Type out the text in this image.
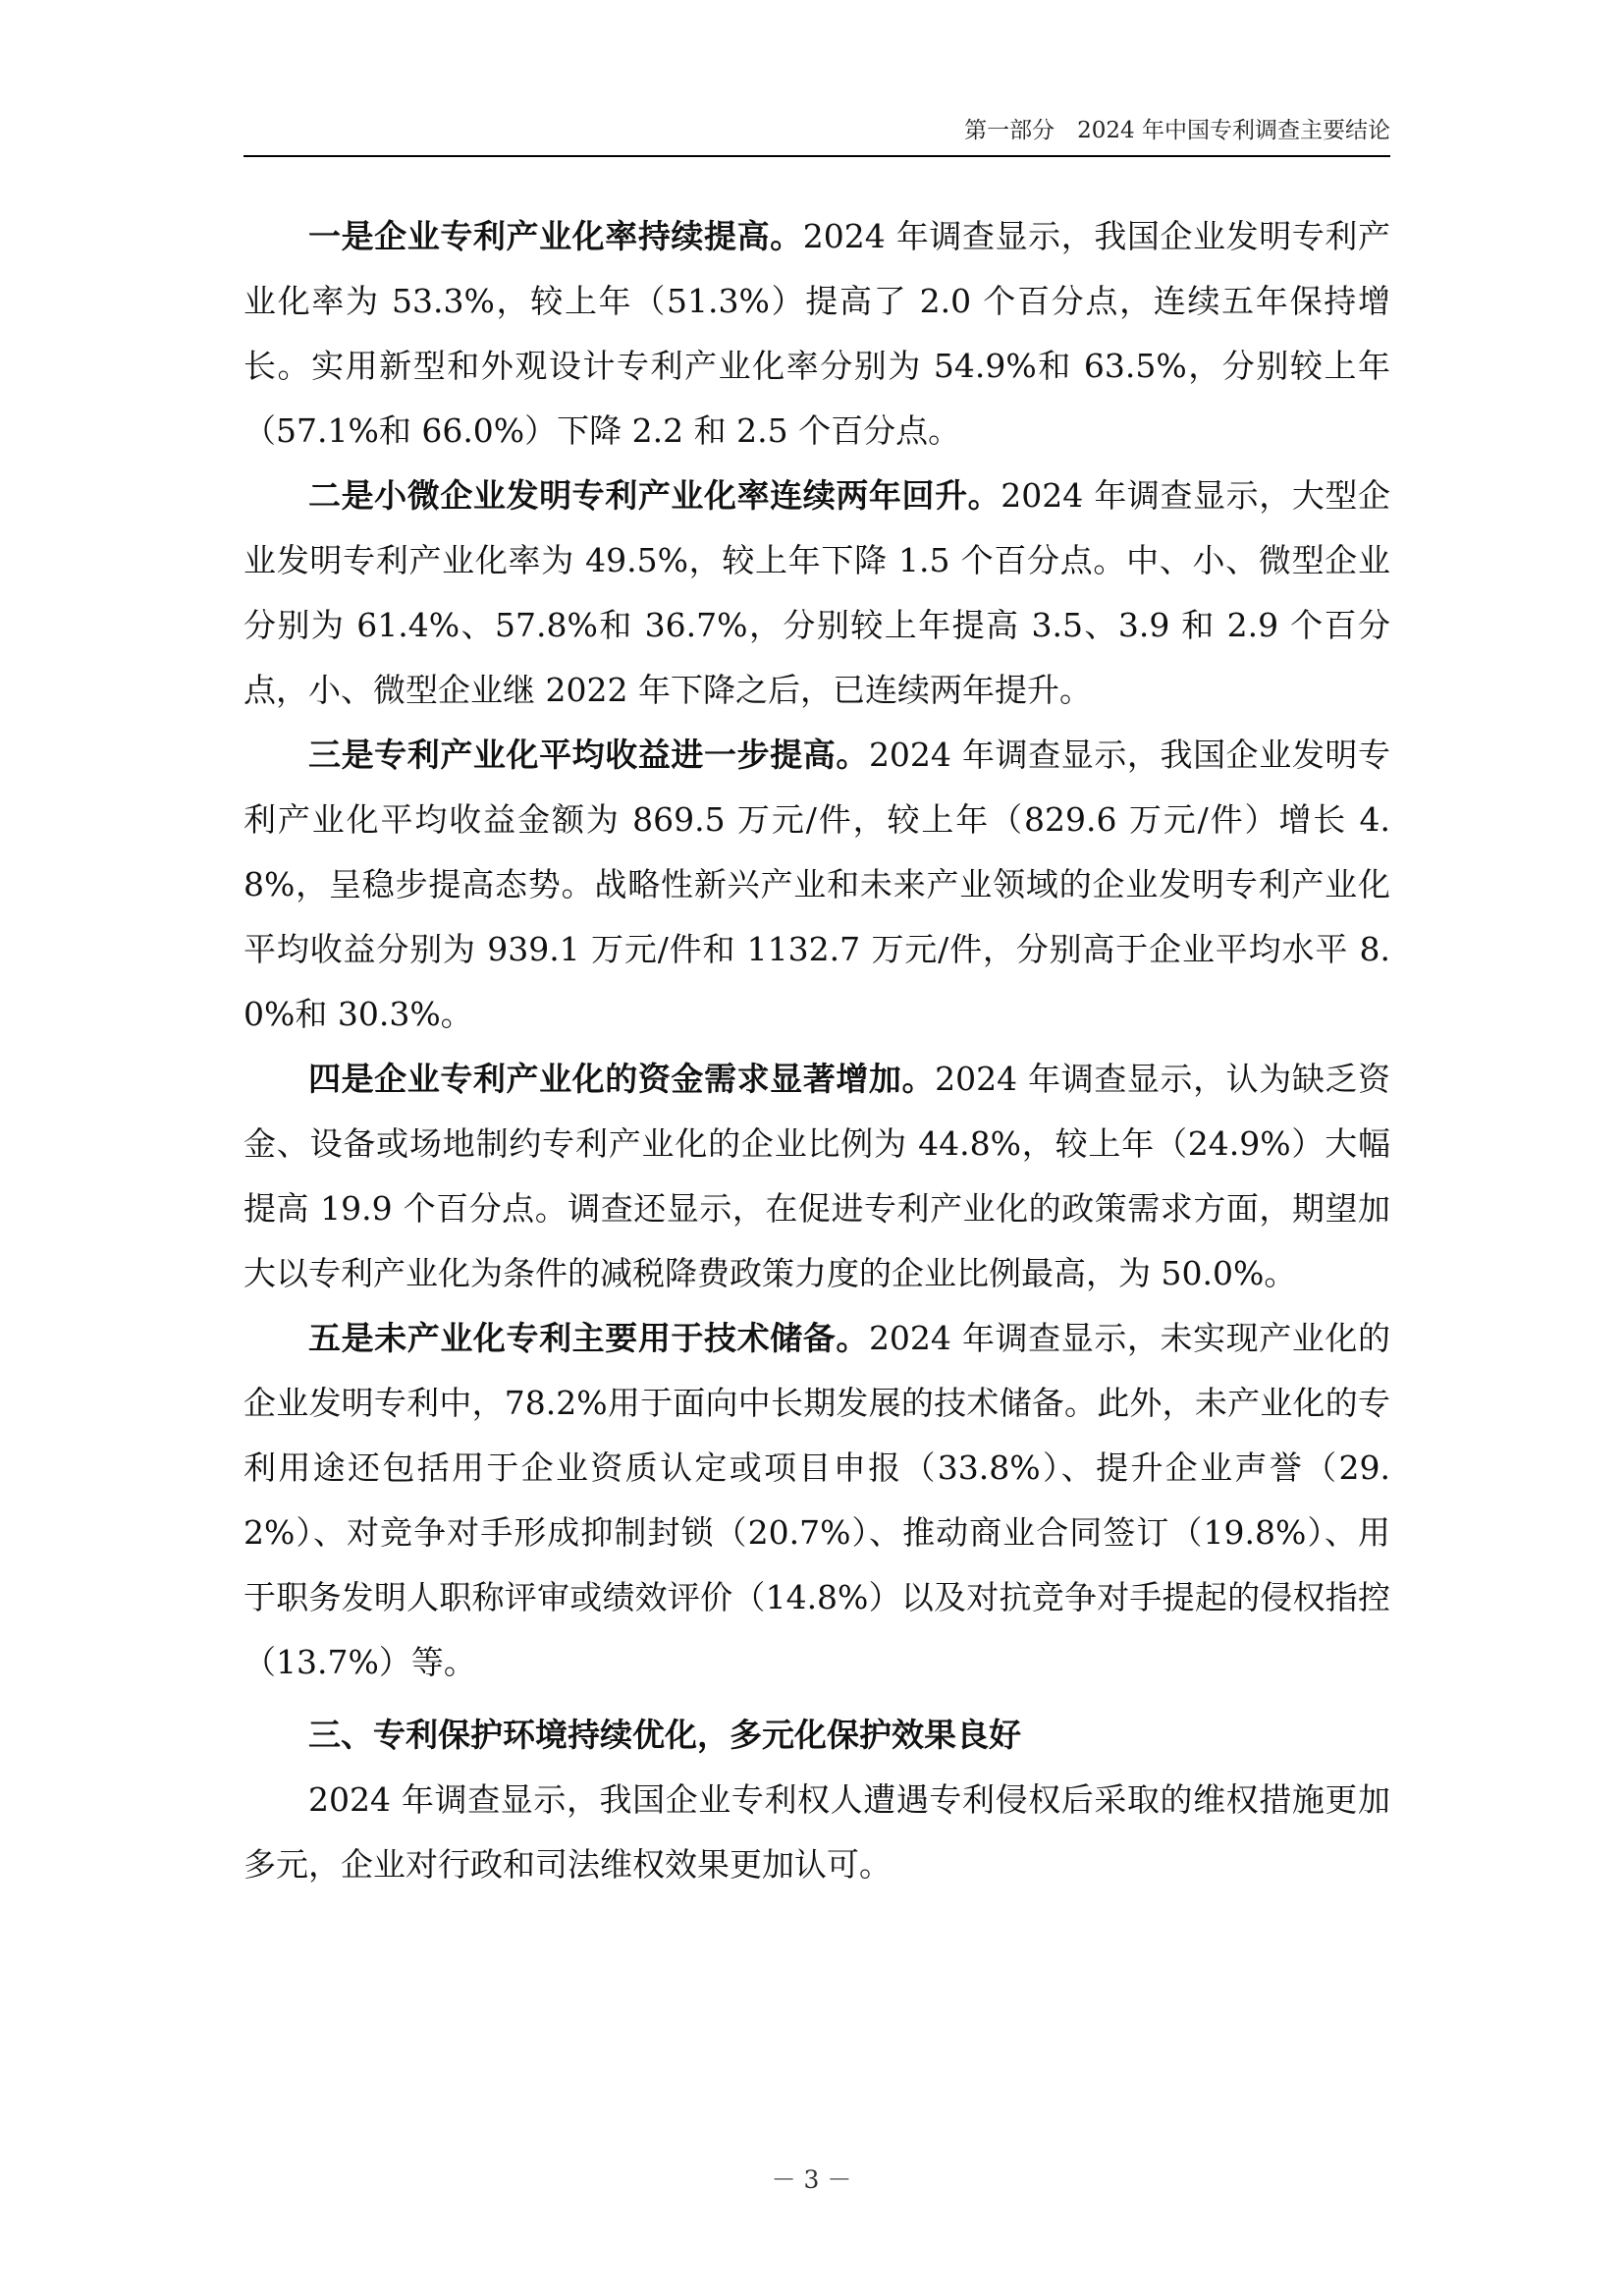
第一部分　2024 年中国专利调查主要结论

一是企业专利产业化率持续提高。2024 年调查显示，我国企业发明专利产业化率为 53.3%，较上年（51.3%）提高了 2.0 个百分点，连续五年保持增长。实用新型和外观设计专利产业化率分别为 54.9%和 63.5%，分别较上年（57.1%和 66.0%）下降 2.2 和 2.5 个百分点。

二是小微企业发明专利产业化率连续两年回升。2024 年调查显示，大型企业发明专利产业化率为 49.5%，较上年下降 1.5 个百分点。中、小、微型企业分别为 61.4%、57.8%和 36.7%，分别较上年提高 3.5、3.9 和 2.9 个百分点，小、微型企业继 2022 年下降之后，已连续两年提升。

三是专利产业化平均收益进一步提高。2024 年调查显示，我国企业发明专利产业化平均收益金额为 869.5 万元/件，较上年（829.6 万元/件）增长 4.8%，呈稳步提高态势。战略性新兴产业和未来产业领域的企业发明专利产业化平均收益分别为 939.1 万元/件和 1132.7 万元/件，分别高于企业平均水平 8.0%和 30.3%。

四是企业专利产业化的资金需求显著增加。2024 年调查显示，认为缺乏资金、设备或场地制约专利产业化的企业比例为 44.8%，较上年（24.9%）大幅提高 19.9 个百分点。调查还显示，在促进专利产业化的政策需求方面，期望加大以专利产业化为条件的减税降费政策力度的企业比例最高，为 50.0%。

五是未产业化专利主要用于技术储备。2024 年调查显示，未实现产业化的企业发明专利中，78.2%用于面向中长期发展的技术储备。此外，未产业化的专利用途还包括用于企业资质认定或项目申报（33.8%）、提升企业声誉（29.2%）、对竞争对手形成抑制封锁（20.7%）、推动商业合同签订（19.8%）、用于职务发明人职称评审或绩效评价（14.8%）以及对抗竞争对手提起的侵权指控（13.7%）等。

三、专利保护环境持续优化，多元化保护效果良好

2024 年调查显示，我国企业专利权人遭遇专利侵权后采取的维权措施更加多元，企业对行政和司法维权效果更加认可。

－ 3 －
